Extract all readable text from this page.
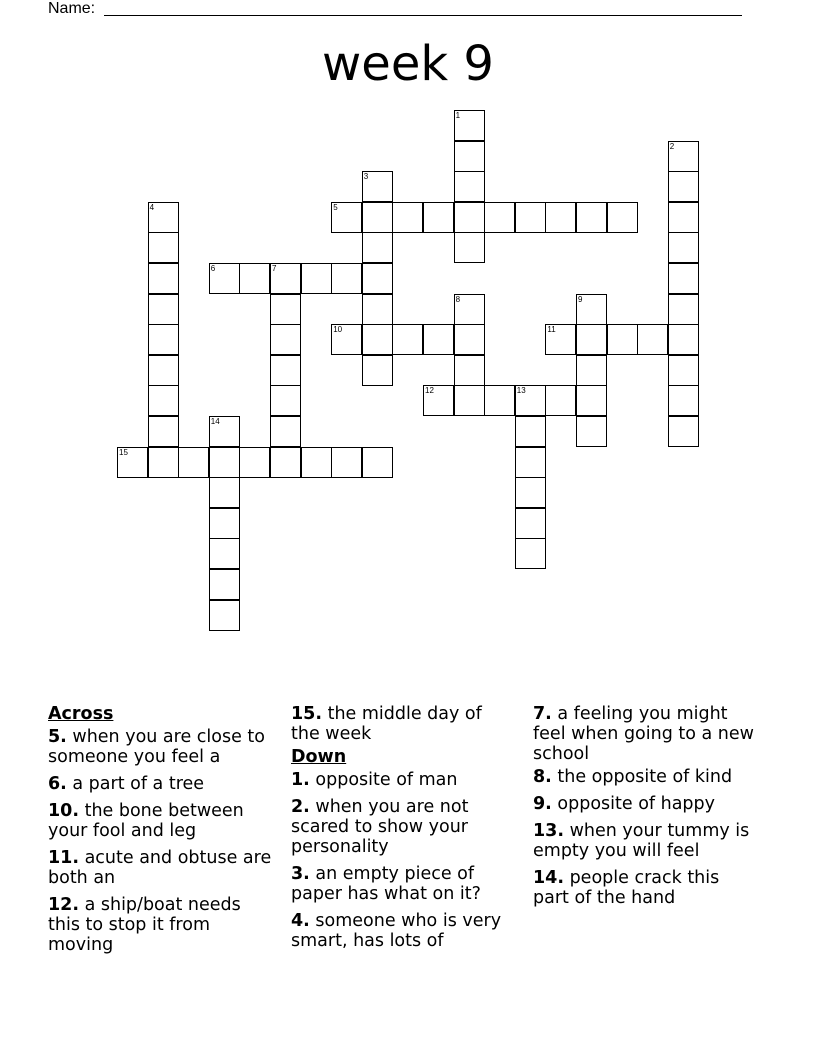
Name:
week 9
1
2
3
4	5
6	7
8	9
10	11
12	13
14
15
Across
5. when you are close to someone you feel a
6. a part of a tree
10. the bone between your fool and leg
11. acute and obtuse are both an
12. a ship/boat needs this to stop it from moving
15. the middle day of the week
Down
1. opposite of man
2. when you are not scared to show your personality
3. an empty piece of paper has what on it?
4. someone who is very smart, has lots of
7. a feeling you might feel when going to a new school
8. the opposite of kind
9. opposite of happy
13. when your tummy is empty you will feel
14. people crack this part of the hand
